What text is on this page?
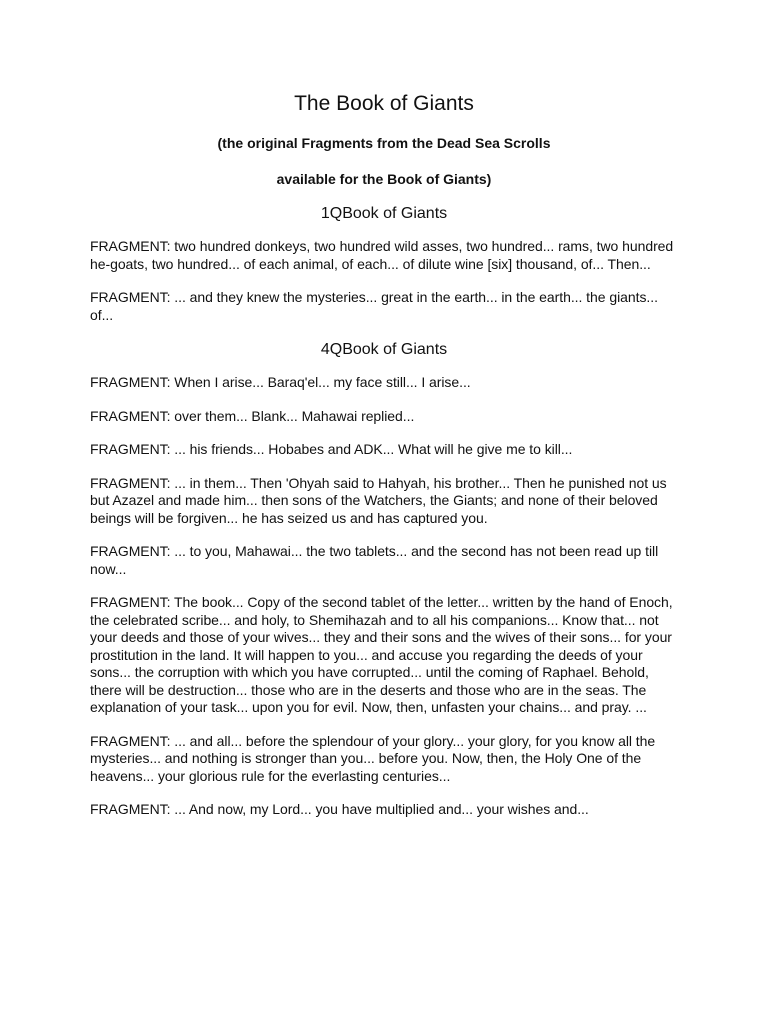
The Book of Giants

(the original Fragments from the Dead Sea Scrolls

available for the Book of Giants)

1QBook of Giants

FRAGMENT: two hundred donkeys, two hundred wild asses, two hundred... rams, two hundred he-goats, two hundred... of each animal, of each... of dilute wine [six] thousand, of... Then...

FRAGMENT: ... and they knew the mysteries... great in the earth... in the earth... the giants... of...

4QBook of Giants

FRAGMENT: When I arise... Baraq'el... my face still... I arise...

FRAGMENT: over them... Blank... Mahawai replied...

FRAGMENT: ... his friends... Hobabes and ADK... What will he give me to kill...

FRAGMENT: ... in them... Then 'Ohyah said to Hahyah, his brother... Then he punished not us but Azazel and made him... then sons of the Watchers, the Giants; and none of their beloved beings will be forgiven... he has seized us and has captured you.

FRAGMENT: ... to you, Mahawai... the two tablets... and the second has not been read up till now...

FRAGMENT: The book... Copy of the second tablet of the letter... written by the hand of Enoch, the celebrated scribe... and holy, to Shemihazah and to all his companions... Know that... not your deeds and those of your wives... they and their sons and the wives of their sons... for your prostitution in the land. It will happen to you... and accuse you regarding the deeds of your sons... the corruption with which you have corrupted... until the coming of Raphael. Behold, there will be destruction... those who are in the deserts and those who are in the seas. The explanation of your task... upon you for evil. Now, then, unfasten your chains... and pray. ...

FRAGMENT: ... and all... before the splendour of your glory... your glory, for you know all the mysteries... and nothing is stronger than you... before you. Now, then, the Holy One of the heavens... your glorious rule for the everlasting centuries...

FRAGMENT: ... And now, my Lord... you have multiplied and... your wishes and...
